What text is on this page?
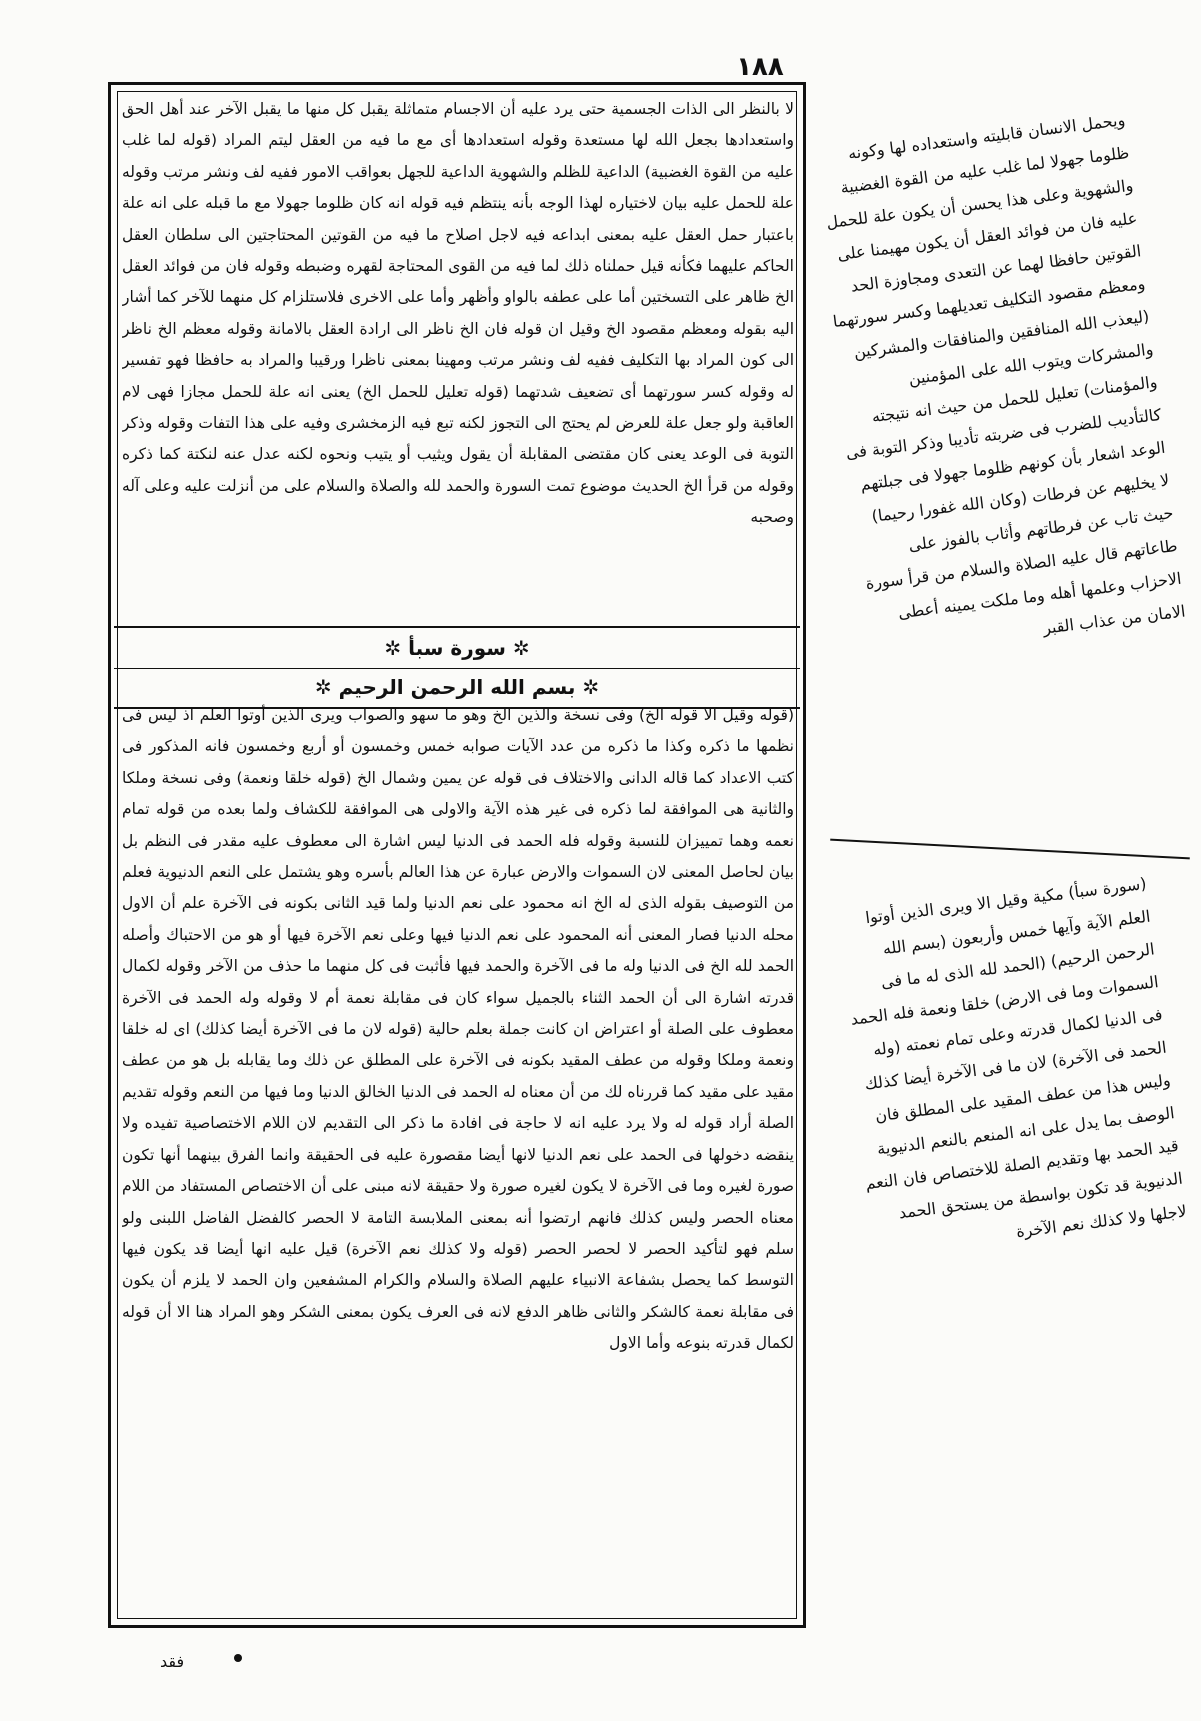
١٨٨
لا بالنظر الى الذات الجسمية حتى يرد عليه أن الاجسام متماثلة يقبل كل منها ما يقبل الآخر عند أهل الحق واستعدادها بجعل الله لها مستعدة وقوله استعدادها أى مع ما فيه من العقل ليتم المراد (قوله لما غلب عليه من القوة الغضبية) الداعية للظلم والشهوية الداعية للجهل بعواقب الامور ففيه لف ونشر مرتب وقوله علة للحمل عليه بيان لاختياره لهذا الوجه بأنه ينتظم فيه قوله انه كان ظلوما جهولا مع ما قبله على انه علة باعتبار حمل العقل عليه بمعنى ابداعه فيه لاجل اصلاح ما فيه من القوتين المحتاجتين الى سلطان العقل الحاكم عليهما فكأنه قيل حملناه ذلك لما فيه من القوى المحتاجة لقهره وضبطه وقوله فان من فوائد العقل الخ ظاهر على التسختين أما على عطفه بالواو وأظهر وأما على الاخرى فلاستلزام كل منهما للآخر كما أشار اليه بقوله ومعظم مقصود الخ وقيل ان قوله فان الخ ناظر الى ارادة العقل بالامانة وقوله معظم الخ ناظر الى كون المراد بها التكليف ففيه لف ونشر مرتب ومهينا بمعنى ناظرا ورقيبا والمراد به حافظا فهو تفسير له وقوله كسر سورتهما أى تضعيف شدتهما (قوله تعليل للحمل الخ) يعنى انه علة للحمل مجازا فهى لام العاقبة ولو جعل علة للعرض لم يحتج الى التجوز لكنه تبع فيه الزمخشرى وفيه على هذا التفات وقوله وذكر التوبة فى الوعد يعنى كان مقتضى المقابلة أن يقول ويثيب أو يتيب ونحوه لكنه عدل عنه لنكتة كما ذكره وقوله من قرأ الخ الحديث موضوع تمت السورة والحمد لله والصلاة والسلام على من أنزلت عليه وعلى آله وصحبه
✲ سورة سبأ ✲
✲ بسم الله الرحمن الرحيم ✲
(قوله وقيل الا قوله الخ) وفى نسخة والذين الخ وهو ما سهو والصواب ويرى الذين أوتوا العلم اذ ليس فى نظمها ما ذكره وكذا ما ذكره من عدد الآيات صوابه خمس وخمسون أو أربع وخمسون فانه المذكور فى كتب الاعداد كما قاله الدانى والاختلاف فى قوله عن يمين وشمال الخ (قوله خلقا ونعمة) وفى نسخة وملكا والثانية هى الموافقة لما ذكره فى غير هذه الآية والاولى هى الموافقة للكشاف ولما بعده من قوله تمام نعمه وهما تمييزان للنسبة وقوله فله الحمد فى الدنيا ليس اشارة الى معطوف عليه مقدر فى النظم بل بيان لحاصل المعنى لان السموات والارض عبارة عن هذا العالم بأسره وهو يشتمل على النعم الدنيوية فعلم من التوصيف بقوله الذى له الخ انه محمود على نعم الدنيا ولما قيد الثانى بكونه فى الآخرة علم أن الاول محله الدنيا فصار المعنى أنه المحمود على نعم الدنيا فيها وعلى نعم الآخرة فيها أو هو من الاحتباك وأصله الحمد لله الخ فى الدنيا وله ما فى الآخرة والحمد فيها فأثبت فى كل منهما ما حذف من الآخر وقوله لكمال قدرته اشارة الى أن الحمد الثناء بالجميل سواء كان فى مقابلة نعمة أم لا وقوله وله الحمد فى الآخرة معطوف على الصلة أو اعتراض ان كانت جملة بعلم حالية (قوله لان ما فى الآخرة أيضا كذلك) اى له خلقا ونعمة وملكا وقوله من عطف المقيد بكونه فى الآخرة على المطلق عن ذلك وما يقابله بل هو من عطف مقيد على مقيد كما قررناه لك من أن معناه له الحمد فى الدنيا الخالق الدنيا وما فيها من النعم وقوله تقديم الصلة أراد قوله له ولا يرد عليه انه لا حاجة فى افادة ما ذكر الى التقديم لان اللام الاختصاصية تفيده ولا ينقضه دخولها فى الحمد على نعم الدنيا لانها أيضا مقصورة عليه فى الحقيقة وانما الفرق بينهما أنها تكون صورة لغيره وما فى الآخرة لا يكون لغيره صورة ولا حقيقة لانه مبنى على أن الاختصاص المستفاد من اللام معناه الحصر وليس كذلك فانهم ارتضوا أنه بمعنى الملابسة التامة لا الحصر كالفضل الفاضل اللبنى ولو سلم فهو لتأكيد الحصر لا لحصر الحصر (قوله ولا كذلك نعم الآخرة) قيل عليه انها أيضا قد يكون فيها التوسط كما يحصل بشفاعة الانبياء عليهم الصلاة والسلام والكرام المشفعين وان الحمد لا يلزم أن يكون فى مقابلة نعمة كالشكر والثانى ظاهر الدفع لانه فى العرف يكون بمعنى الشكر وهو المراد هنا الا أن قوله لكمال قدرته بنوعه وأما الاول
ويحمل الانسان قابليته واستعداده لها وكونه ظلوما جهولا لما غلب عليه من القوة الغضبية والشهوية وعلى هذا يحسن أن يكون علة للحمل عليه فان من فوائد العقل أن يكون مهيمنا على القوتين حافظا لهما عن التعدى ومجاوزة الحد ومعظم مقصود التكليف تعديلهما وكسر سورتهما (ليعذب الله المنافقين والمنافقات والمشركين والمشركات ويتوب الله على المؤمنين والمؤمنات) تعليل للحمل من حيث انه نتيجته كالتأديب للضرب فى ضربته تأديبا وذكر التوبة فى الوعد اشعار بأن كونهم ظلوما جهولا فى جبلتهم لا يخليهم عن فرطات (وكان الله غفورا رحيما) حيث تاب عن فرطاتهم وأثاب بالفوز على طاعاتهم قال عليه الصلاة والسلام من قرأ سورة الاحزاب وعلمها أهله وما ملكت يمينه أعطى الامان من عذاب القبر
(سورة سبأ) مكية وقيل الا ويرى الذين أوتوا العلم الآية وآيها خمس وأربعون (بسم الله الرحمن الرحيم) (الحمد لله الذى له ما فى السموات وما فى الارض) خلقا ونعمة فله الحمد فى الدنيا لكمال قدرته وعلى تمام نعمته (وله الحمد فى الآخرة) لان ما فى الآخرة أيضا كذلك وليس هذا من عطف المقيد على المطلق فان الوصف بما يدل على انه المنعم بالنعم الدنيوية قيد الحمد بها وتقديم الصلة للاختصاص فان النعم الدنيوية قد تكون بواسطة من يستحق الحمد لاجلها ولا كذلك نعم الآخرة
فقد
